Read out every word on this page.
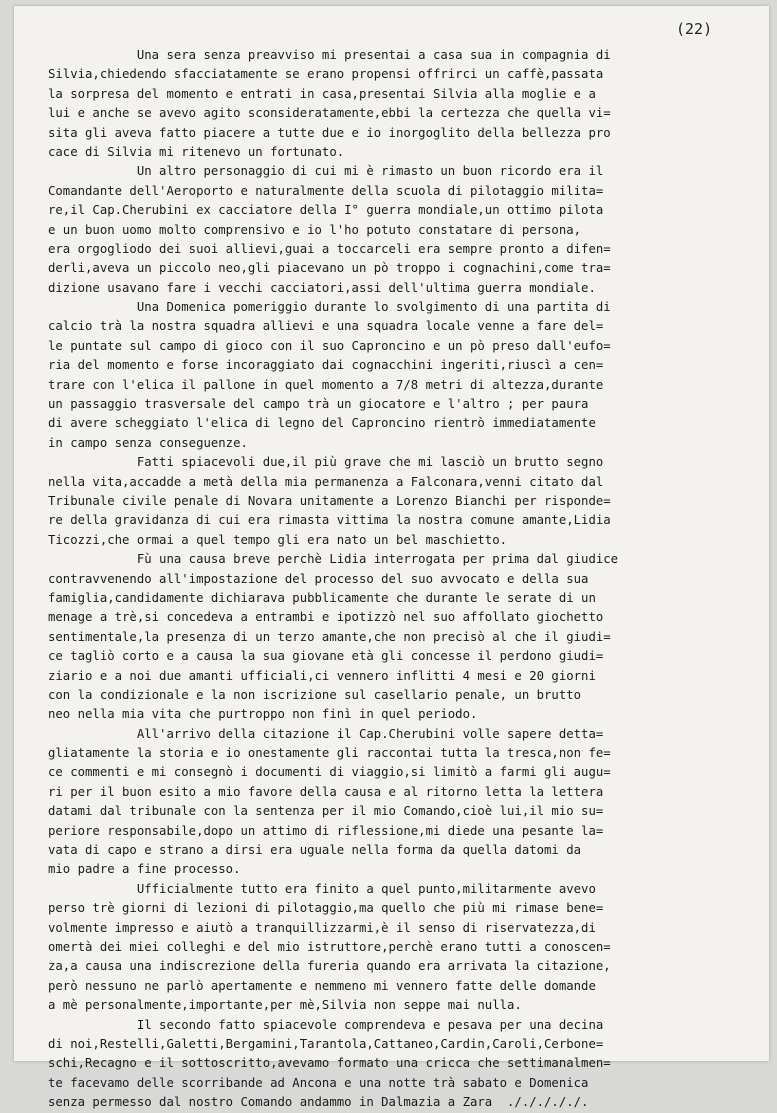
(22)
Una sera senza preavviso mi presentai a casa sua in compagnia di
Silvia,chiedendo sfacciatamente se erano propensi offrirci un caffè,passata
la sorpresa del momento e entrati in casa,presentai Silvia alla moglie e a
lui e anche se avevo agito sconsideratamente,ebbi la certezza che quella vi=
sita gli aveva fatto piacere a tutte due e io inorgoglito della bellezza pro
cace di Silvia mi ritenevo un fortunato.
Un altro personaggio di cui mi è rimasto un buon ricordo era il
Comandante dell'Aeroporto e naturalmente della scuola di pilotaggio milita=
re,il Cap.Cherubini ex cacciatore della I° guerra mondiale,un ottimo pilota
e un buon uomo molto comprensivo e io l'ho potuto constatare di persona,
era orgogliodo dei suoi allievi,guai a toccarceli era sempre pronto a difen=
derli,aveva un piccolo neo,gli piacevano un pò troppo i cognachini,come tra=
dizione usavano fare i vecchi cacciatori,assi dell'ultima guerra mondiale.
Una Domenica pomeriggio durante lo svolgimento di una partita di
calcio trà la nostra squadra allievi e una squadra locale venne a fare del=
le puntate sul campo di gioco con il suo Caproncino e un pò preso dall'eufo=
ria del momento e forse incoraggiato dai cognacchini ingeriti,riuscì a cen=
trare con l'elica il pallone in quel momento a 7/8 metri di altezza,durante
un passaggio trasversale del campo trà un giocatore e l'altro ; per paura
di avere scheggiato l'elica di legno del Caproncino rientrò immediatamente
in campo senza conseguenze.
Fatti spiacevoli due,il più grave che mi lasciò un brutto segno
nella vita,accadde a metà della mia permanenza a Falconara,venni citato dal
Tribunale civile penale di Novara unitamente a Lorenzo Bianchi per risponde=
re della gravidanza di cui era rimasta vittima la nostra comune amante,Lidia
Ticozzi,che ormai a quel tempo gli era nato un bel maschietto.
Fù una causa breve perchè Lidia interrogata per prima dal giudice
contravvenendo all'impostazione del processo del suo avvocato e della sua
famiglia,candidamente dichiarava pubblicamente che durante le serate di un
menage a trè,si concedeva a entrambi e ipotizzò nel suo affollato giochetto
sentimentale,la presenza di un terzo amante,che non precisò al che il giudi=
ce tagliò corto e a causa la sua giovane età gli concesse il perdono giudi=
ziario e a noi due amanti ufficiali,ci vennero inflitti 4 mesi e 20 giorni
con la condizionale e la non iscrizione sul casellario penale, un brutto
neo nella mia vita che purtroppo non finì in quel periodo.
All'arrivo della citazione il Cap.Cherubini volle sapere detta=
gliatamente la storia e io onestamente gli raccontai tutta la tresca,non fe=
ce commenti e mi consegnò i documenti di viaggio,si limitò a farmi gli augu=
ri per il buon esito a mio favore della causa e al ritorno letta la lettera
datami dal tribunale con la sentenza per il mio Comando,cioè lui,il mio su=
periore responsabile,dopo un attimo di riflessione,mi diede una pesante la=
vata di capo e strano a dirsi era uguale nella forma da quella datomi da
mio padre a fine processo.
Ufficialmente tutto era finito a quel punto,militarmente avevo
perso trè giorni di lezioni di pilotaggio,ma quello che più mi rimase bene=
volmente impresso e aiutò a tranquillizzarmi,è il senso di riservatezza,di
omertà dei miei colleghi e del mio istruttore,perchè erano tutti a conoscen=
za,a causa una indiscrezione della fureria quando era arrivata la citazione,
però nessuno ne parlò apertamente e nemmeno mi vennero fatte delle domande
a mè personalmente,importante,per mè,Silvia non seppe mai nulla.
Il secondo fatto spiacevole comprendeva e pesava per una decina
di noi,Restelli,Galetti,Bergamini,Tarantola,Cattaneo,Cardin,Caroli,Cerbone=
schi,Recagno e il sottoscritto,avevamo formato una cricca che settimanalmen=
te facevamo delle scorribande ad Ancona e una notte trà sabato e Domenica
senza permesso dal nostro Comando andammo in Dalmazia a Zara  ./././././.
